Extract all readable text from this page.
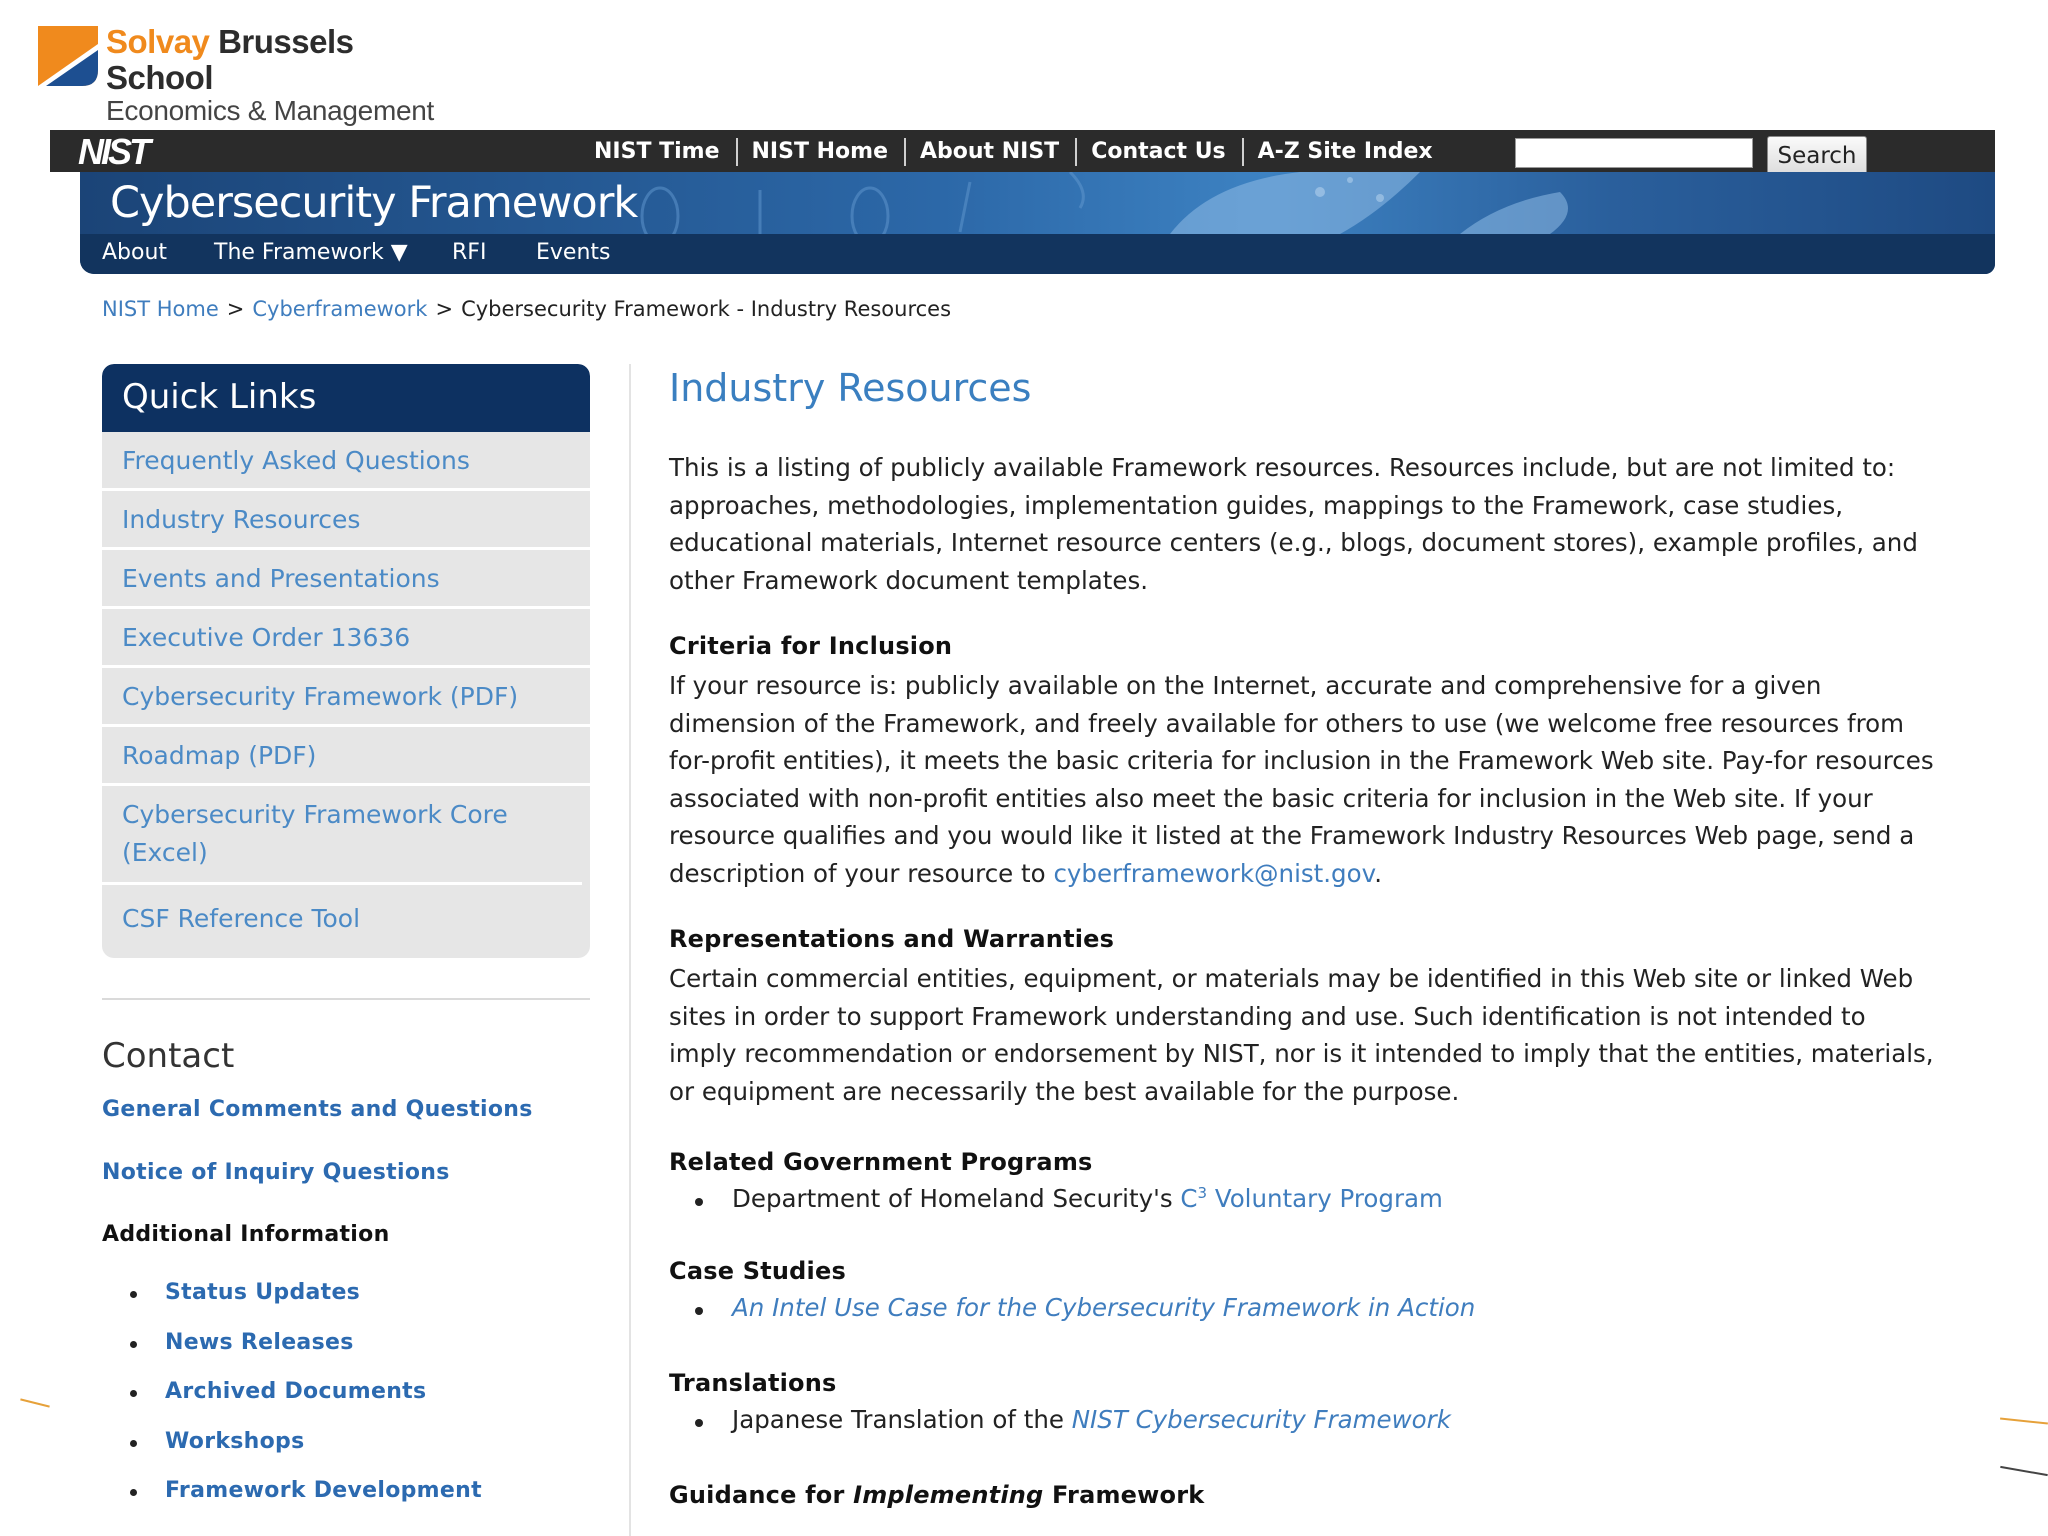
Solvay Brussels School
Economics & Management
NIST	NIST Time	NIST Home	About NIST	Contact Us	A-Z Site Index	Search
Cybersecurity Framework
About The Framework ▼ RFI Events
NIST Home > Cyberframework > Cybersecurity Framework - Industry Resources
Quick Links
Frequently Asked Questions
Industry Resources
Events and Presentations
Executive Order 13636
Cybersecurity Framework (PDF)
Roadmap (PDF)
Cybersecurity Framework Core (Excel)
CSF Reference Tool
Contact
General Comments and Questions
Notice of Inquiry Questions
Additional Information
Status Updates
News Releases
Archived Documents
Workshops
Framework Development
Industry Resources

This is a listing of publicly available Framework resources. Resources include, but are not limited to:
approaches, methodologies, implementation guides, mappings to the Framework, case studies,
educational materials, Internet resource centers (e.g., blogs, document stores), example profiles, and
other Framework document templates.

Criteria for Inclusion

If your resource is: publicly available on the Internet, accurate and comprehensive for a given
dimension of the Framework, and freely available for others to use (we welcome free resources from
for-profit entities), it meets the basic criteria for inclusion in the Framework Web site. Pay-for resources
associated with non-profit entities also meet the basic criteria for inclusion in the Web site. If your
resource qualifies and you would like it listed at the Framework Industry Resources Web page, send a
description of your resource to cyberframework@nist.gov.

Representations and Warranties

Certain commercial entities, equipment, or materials may be identified in this Web site or linked Web
sites in order to support Framework understanding and use. Such identification is not intended to
imply recommendation or endorsement by NIST, nor is it intended to imply that the entities, materials,
or equipment are necessarily the best available for the purpose.

Related Government Programs
Department of Homeland Security's $C^3$ Voluntary Program
Case Studies
An Intel Use Case for the Cybersecurity Framework in Action
Translations
Japanese Translation of the NIST Cybersecurity Framework
Guidance for Implementing Framework
